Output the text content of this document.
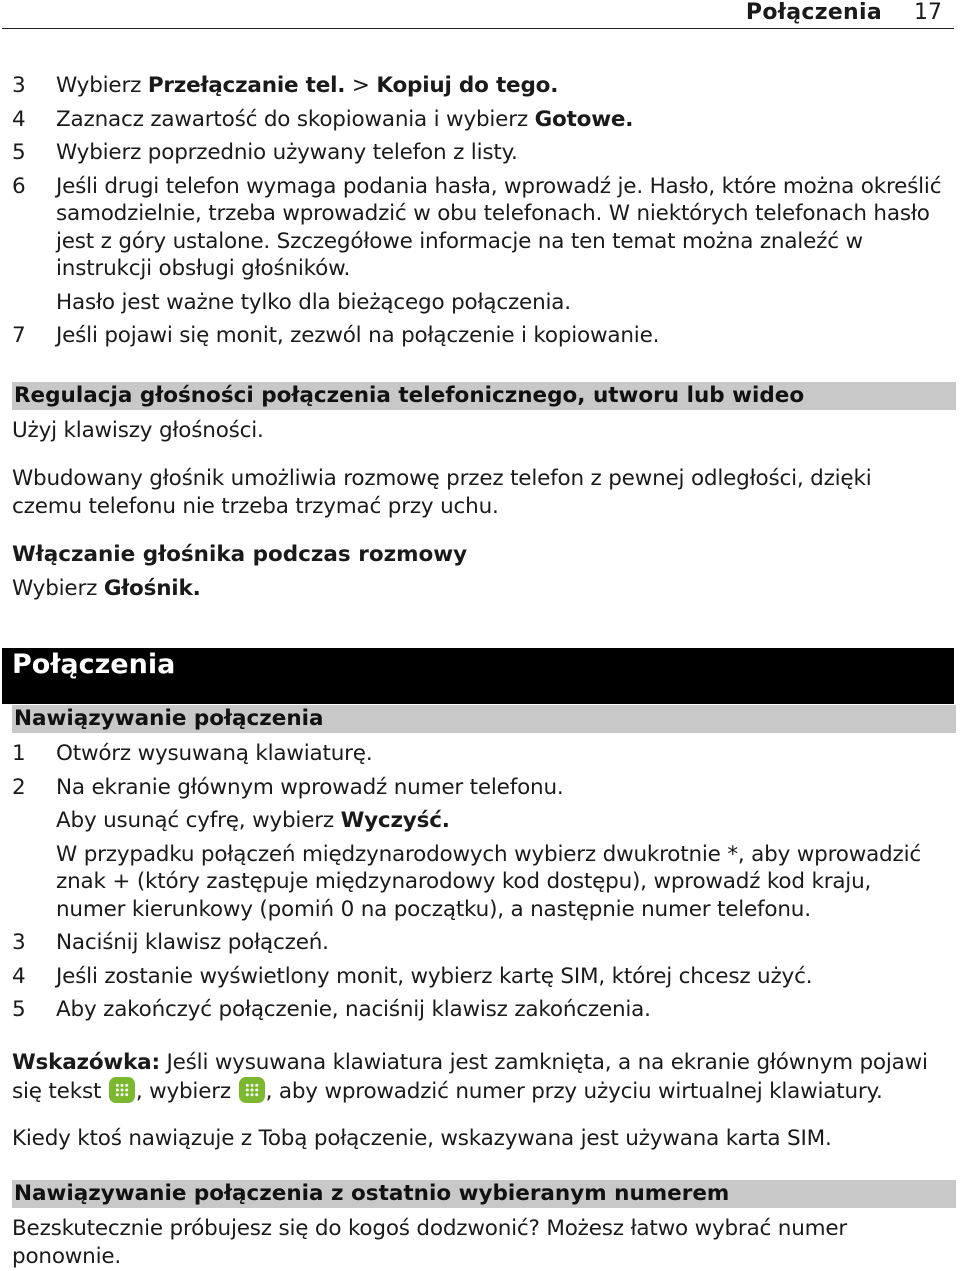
Połączenia 17
3 Wybierz Przełączanie tel. > Kopiuj do tego.
4 Zaznacz zawartość do skopiowania i wybierz Gotowe.
5 Wybierz poprzednio używany telefon z listy.
6 Jeśli drugi telefon wymaga podania hasła, wprowadź je. Hasło, które można określić samodzielnie, trzeba wprowadzić w obu telefonach. W niektórych telefonach hasło jest z góry ustalone. Szczegółowe informacje na ten temat można znaleźć w instrukcji obsługi głośników.
Hasło jest ważne tylko dla bieżącego połączenia.
7 Jeśli pojawi się monit, zezwól na połączenie i kopiowanie.
Regulacja głośności połączenia telefonicznego, utworu lub wideo
Użyj klawiszy głośności.
Wbudowany głośnik umożliwia rozmowę przez telefon z pewnej odległości, dzięki czemu telefonu nie trzeba trzymać przy uchu.
Włączanie głośnika podczas rozmowy
Wybierz Głośnik.
Połączenia
Nawiązywanie połączenia
1 Otwórz wysuwaną klawiaturę.
2 Na ekranie głównym wprowadź numer telefonu.
Aby usunąć cyfrę, wybierz Wyczyść.
W przypadku połączeń międzynarodowych wybierz dwukrotnie *, aby wprowadzić znak + (który zastępuje międzynarodowy kod dostępu), wprowadź kod kraju, numer kierunkowy (pomiń 0 na początku), a następnie numer telefonu.
3 Naciśnij klawisz połączeń.
4 Jeśli zostanie wyświetlony monit, wybierz kartę SIM, której chcesz użyć.
5 Aby zakończyć połączenie, naciśnij klawisz zakończenia.
Wskazówka: Jeśli wysuwana klawiatura jest zamknięta, a na ekranie głównym pojawi się tekst
, wybierz
, aby wprowadzić numer przy użyciu wirtualnej klawiatury.
Kiedy ktoś nawiązuje z Tobą połączenie, wskazywana jest używana karta SIM.
Nawiązywanie połączenia z ostatnio wybieranym numerem
Bezskutecznie próbujesz się do kogoś dodzwonić? Możesz łatwo wybrać numer ponownie.
